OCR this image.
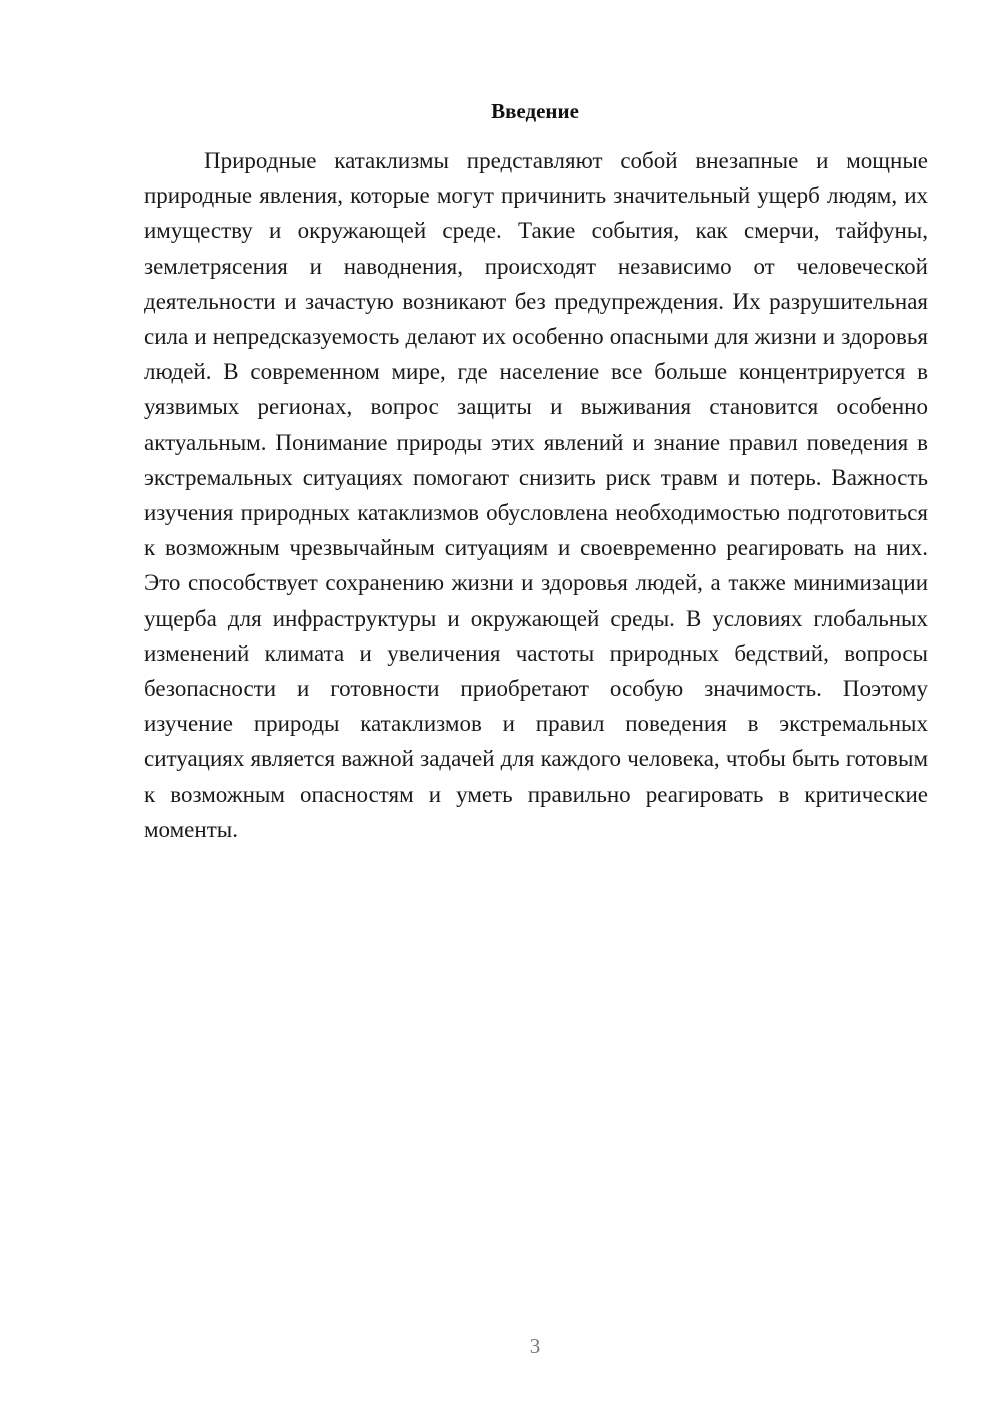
Введение

Природные катаклизмы представляют собой внезапные и мощные природные явления, которые могут причинить значительный ущерб людям, их имуществу и окружающей среде. Такие события, как смерчи, тайфуны, землетрясения и наводнения, происходят независимо от человеческой деятельности и зачастую возникают без предупреждения. Их разрушительная сила и непредсказуемость делают их особенно опасными для жизни и здоровья людей. В современном мире, где население все больше концентрируется в уязвимых регионах, вопрос защиты и выживания становится особенно актуальным. Понимание природы этих явлений и знание правил поведения в экстремальных ситуациях помогают снизить риск травм и потерь. Важность изучения природных катаклизмов обусловлена необходимостью подготовиться к возможным чрезвычайным ситуациям и своевременно реагировать на них. Это способствует сохранению жизни и здоровья людей, а также минимизации ущерба для инфраструктуры и окружающей среды. В условиях глобальных изменений климата и увеличения частоты природных бедствий, вопросы безопасности и готовности приобретают особую значимость. Поэтому изучение природы катаклизмов и правил поведения в экстремальных ситуациях является важной задачей для каждого человека, чтобы быть готовым к возможным опасностям и уметь правильно реагировать в критические моменты.

3
